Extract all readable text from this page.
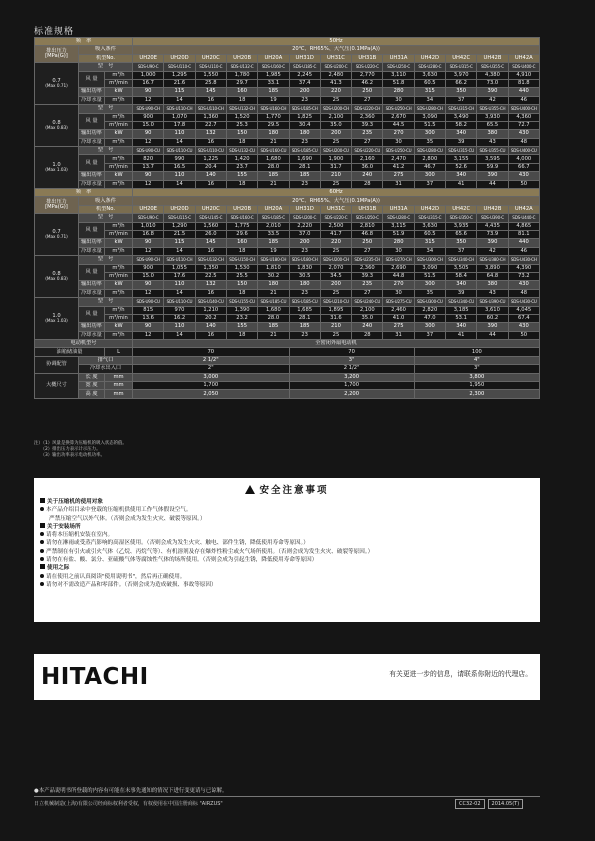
标准规格
频　率			50Hz												

排出压力
[MPa(G)]	吸入条件		20℃、RH65%、大气压(0.1MPa(A))												
	机型No.		UH20E	UH20D	UH20C	UH20B	UH20A	UH31D	UH31C	UH31B	UH31A	UH42D	UH42C	UH42B	UH42A

0.7
(Max 0.71)	型　号		SDS-U90-C	SDS-U110-C	SDS-U110-C	SDS-U132-C	SDS-U160-C	SDS-U185-C	SDS-U200-C	SDS-U220-C	SDS-U250-C	SDS-U280-C	SDS-U315-C	SDS-U355-C	SDS-U400-C
	风 量	m³/h	1,000	1,295	1,550	1,780	1,985	2,245	2,480	2,770	3,110	3,630	3,970	4,380	4,910
		m³/min	16.7	21.6	25.8	29.7	33.1	37.4	41.3	46.2	51.8	60.5	66.2	73.0	81.8
	输出功率	kW	90	115	145	160	185	200	220	250	280	315	350	390	440
	冷却水量	m³/h	12	14	16	18	19	23	25	27	30	34	37	42	46

0.8
(Max 0.83)	型　号		SDS-U90-CH	SDS-U110-CH	SDS-U110-CH	SDS-U132-CH	SDS-U160-CH	SDS-U185-CH	SDS-U200-CH	SDS-U220-CH	SDS-U250-CH	SDS-U280-CH	SDS-U315-CH	SDS-U355-CH	SDS-U400-CH
	风 量	m³/h	900	1,070	1,360	1,520	1,770	1,825	2,100	2,360	2,670	3,090	3,490	3,930	4,360
		m³/min	15.0	17.8	22.7	25.3	29.5	30.4	35.0	39.3	44.5	51.5	58.2	65.5	72.7
	输出功率	kW	90	110	132	150	180	180	200	235	270	300	340	380	430
	冷却水量	m³/h	12	14	16	18	21	23	25	27	30	35	39	43	48

1.0
(Max 1.03)	型　号		SDS-U90-CU	SDS-U110-CU	SDS-U110-CU	SDS-U132-CU	SDS-U160-CU	SDS-U185-CU	SDS-U200-CU	SDS-U220-CU	SDS-U250-CU	SDS-U280-CU	SDS-U315-CU	SDS-U355-CU	SDS-U400-CU
	风 量	m³/h	820	990	1,225	1,420	1,680	1,690	1,900	2,160	2,470	2,800	3,155	3,595	4,000
		m³/min	13.7	16.5	20.4	23.7	28.0	28.1	31.7	36.0	41.2	46.7	52.6	59.9	66.7
	输出功率	kW	90	110	140	155	185	185	210	240	275	300	340	390	430
	冷却水量	m³/h	12	14	16	18	21	23	25	28	31	37	41	44	50
频　率			60Hz												

排出压力
[MPa(G)]	吸入条件		20℃、RH65%、大气压(0.1MPa(A))												
	机型No.		UH20E	UH20D	UH20C	UH20B	UH20A	UH31D	UH31C	UH31B	UH31A	UH42D	UH42C	UH42B	UH42A

0.7
(Max 0.71)	型　号		SDS-U90-C	SDS-U115-C	SDS-U145-C	SDS-U160-C	SDS-U185-C	SDS-U200-C	SDS-U220-C	SDS-U250-C	SDS-U280-C	SDS-U315-C	SDS-U350-C	SDS-U390-C	SDS-U440-C
	风 量	m³/h	1,010	1,290	1,560	1,775	2,010	2,220	2,500	2,810	3,115	3,630	3,935	4,435	4,865
		m³/min	16.8	21.5	26.0	29.6	33.5	37.0	41.7	46.8	51.9	60.5	65.6	73.9	81.1
	输出功率	kW	90	115	145	160	185	200	220	250	280	315	350	390	440
	冷却水量	m³/h	12	14	16	18	19	23	25	27	30	34	37	42	46

0.8
(Max 0.83)	型　号		SDS-U90-CH	SDS-U110-CH	SDS-U132-CH	SDS-U150-CH	SDS-U180-CH	SDS-U180-CH	SDS-U200-CH	SDS-U235-CH	SDS-U270-CH	SDS-U300-CH	SDS-U340-CH	SDS-U380-CH	SDS-U430-CH
	风 量	m³/h	900	1,055	1,350	1,530	1,810	1,830	2,070	2,360	2,690	3,090	3,505	3,890	4,390
		m³/min	15.0	17.6	22.5	25.5	30.2	30.5	34.5	39.3	44.8	51.5	58.4	64.8	73.2
	输出功率	kW	90	110	132	150	180	180	200	235	270	300	340	380	430
	冷却水量	m³/h	12	14	16	18	21	23	25	27	30	35	39	43	48

1.0
(Max 1.03)	型　号		SDS-U90-CU	SDS-U110-CU	SDS-U140-CU	SDS-U155-CU	SDS-U185-CU	SDS-U185-CU	SDS-U210-CU	SDS-U240-CU	SDS-U275-CU	SDS-U300-CU	SDS-U340-CU	SDS-U390-CU	SDS-U430-CU
	风 量	m³/h	815	970	1,210	1,390	1,680	1,685	1,895	2,100	2,460	2,820	3,185	3,610	4,045
		m³/min	13.6	16.2	20.2	23.2	28.0	28.1	31.6	35.0	41.0	47.0	53.1	60.2	67.4
	输出功率	kW	90	110	140	155	185	185	210	240	275	300	340	390	430
	冷却水量	m³/h	12	14	16	18	21	23	25	28	31	37	41	44	50
电动机型号			全密闭外扇电动机												
油箱储油量		L	70					70				100			
协调配管	排气口		2 1/2"					3"				4"			
	冷却水出入口		2"					2 1/2"				3"			
大概尺寸	长 度	mm	3,000					3,200				3,800			
	宽 度	mm	1,700					1,700				1,950			
	高 度	mm	2,050					2,200				2,300			
注）（1）风量是换算为压缩机的吸入状态的值。
　　（2）排出压力表示计示压力。
　　（3）输出功率表示电动机功率。
安全注意事项
关于压缩机的使用对象
本产品介绍目录中登载的压缩机供使用工作气体假设空气。
严禁压缩空气以外气体。（否则会成为发生火灾、破裂等原因。）
关于安装场所
请将本压缩机安装在室内。
请勿在淋雨或受蒸汽影响的高湿区使用。（否则会成为发生火灾、触电、部件生锈，降低使用寿命等原因。）
严禁制在有引火或引火气体（乙烷、丙烷气等）、有机溶剂及存在爆炸性粉尘或火气场所使用。（否则会成为发生火灾、破裂等原因。）
请勿在有盐、酸、氯分、亚硫酸气体等腐蚀性气体的场所使用。（否则会成为引起生锈，降低使用寿命等原因）
使用之际
请在使用之前认真阅读"使用说明书"，然后再正确使用。
请勿对不需改造产品和零部件。（否则会成为造成破损、事故等原因）
HITACHI	有关更进一步的信息，请联系你附近的代理店。
●本产品说明书所登载的内容有可能在未事先通知的情况下进行变更请与已谅解。
日立机械制造(上海)有限公司经商标权利者受权，有权使用在中国注册商标 "AIRZUS"	CC32-02	2014.05(T)
